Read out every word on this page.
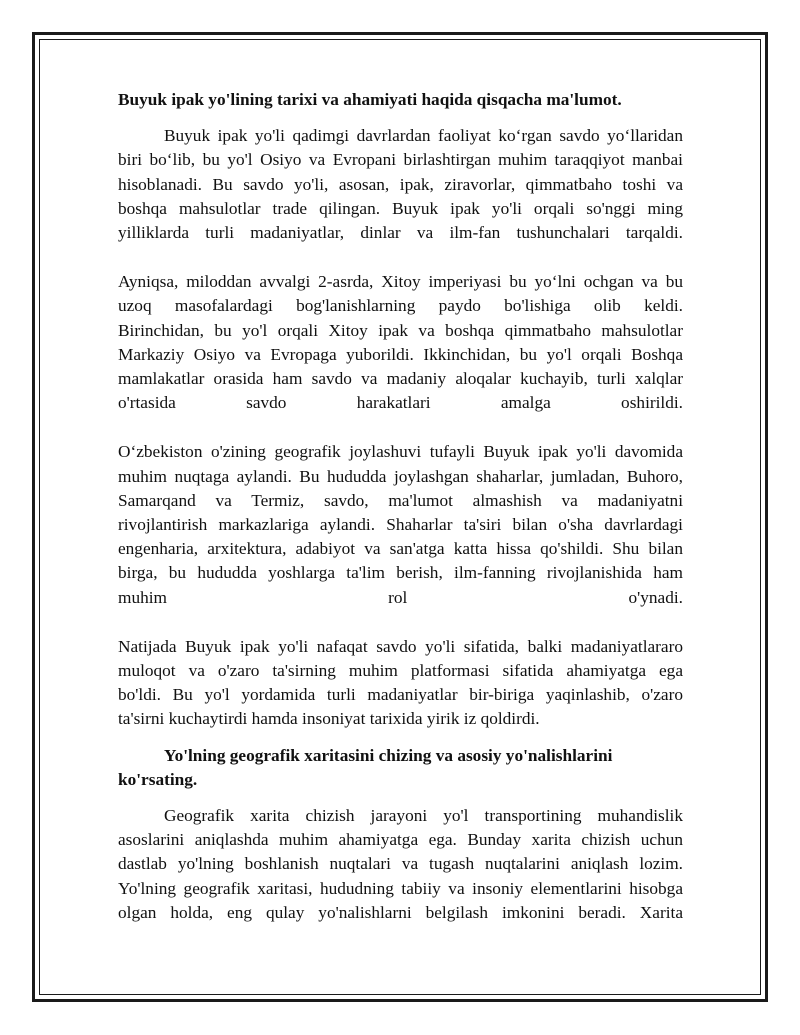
Buyuk ipak yo'lining tarixi va ahamiyati haqida qisqacha ma'lumot.

Buyuk ipak yo'li qadimgi davrlardan faoliyat ko‘rgan savdo yo‘llaridan
biri bo‘lib, bu yo'l Osiyo va Evropani birlashtirgan muhim taraqqiyot manbai
hisoblanadi. Bu savdo yo'li, asosan, ipak, ziravorlar, qimmatbaho toshi va
boshqa mahsulotlar trade qilingan. Buyuk ipak yo'li orqali so'nggi ming
yilliklarda turli madaniyatlar, dinlar va ilm-fan tushunchalari tarqaldi.
Ayniqsa, miloddan avvalgi 2-asrda, Xitoy imperiyasi bu yo‘lni ochgan va bu
uzoq masofalardagi bog'lanishlarning paydo bo'lishiga olib keldi.
Birinchidan, bu yo'l orqali Xitoy ipak va boshqa qimmatbaho mahsulotlar
Markaziy Osiyo va Evropaga yuborildi. Ikkinchidan, bu yo'l orqali Boshqa
mamlakatlar orasida ham savdo va madaniy aloqalar kuchayib, turli xalqlar
o'rtasida savdo harakatlari amalga oshirildi.
O‘zbekiston o'zining geografik joylashuvi tufayli Buyuk ipak yo'li davomida
muhim nuqtaga aylandi. Bu hududda joylashgan shaharlar, jumladan, Buhoro,
Samarqand va Termiz, savdo, ma'lumot almashish va madaniyatni
rivojlantirish markazlariga aylandi. Shaharlar ta'siri bilan o'sha davrlardagi
engenharia, arxitektura, adabiyot va san'atga katta hissa qo'shildi. Shu bilan
birga, bu hududda yoshlarga ta'lim berish, ilm-fanning rivojlanishida ham
muhim rol o'ynadi.
Natijada Buyuk ipak yo'li nafaqat savdo yo'li sifatida, balki madaniyatlararo
muloqot va o'zaro ta'sirning muhim platformasi sifatida ahamiyatga ega
bo'ldi. Bu yo'l yordamida turli madaniyatlar bir-biriga yaqinlashib, o'zaro
ta'sirni kuchaytirdi hamda insoniyat tarixida yirik iz qoldirdi.
Yo'lning geografik xaritasini chizing va asosiy yo'nalishlarini
ko'rsating.
Geografik xarita chizish jarayoni yo'l transportining muhandislik
asoslarini aniqlashda muhim ahamiyatga ega. Bunday xarita chizish uchun
dastlab yo'lning boshlanish nuqtalari va tugash nuqtalarini aniqlash lozim.
Yo'lning geografik xaritasi, hududning tabiiy va insoniy elementlarini hisobga
olgan holda, eng qulay yo'nalishlarni belgilash imkonini beradi. Xarita
